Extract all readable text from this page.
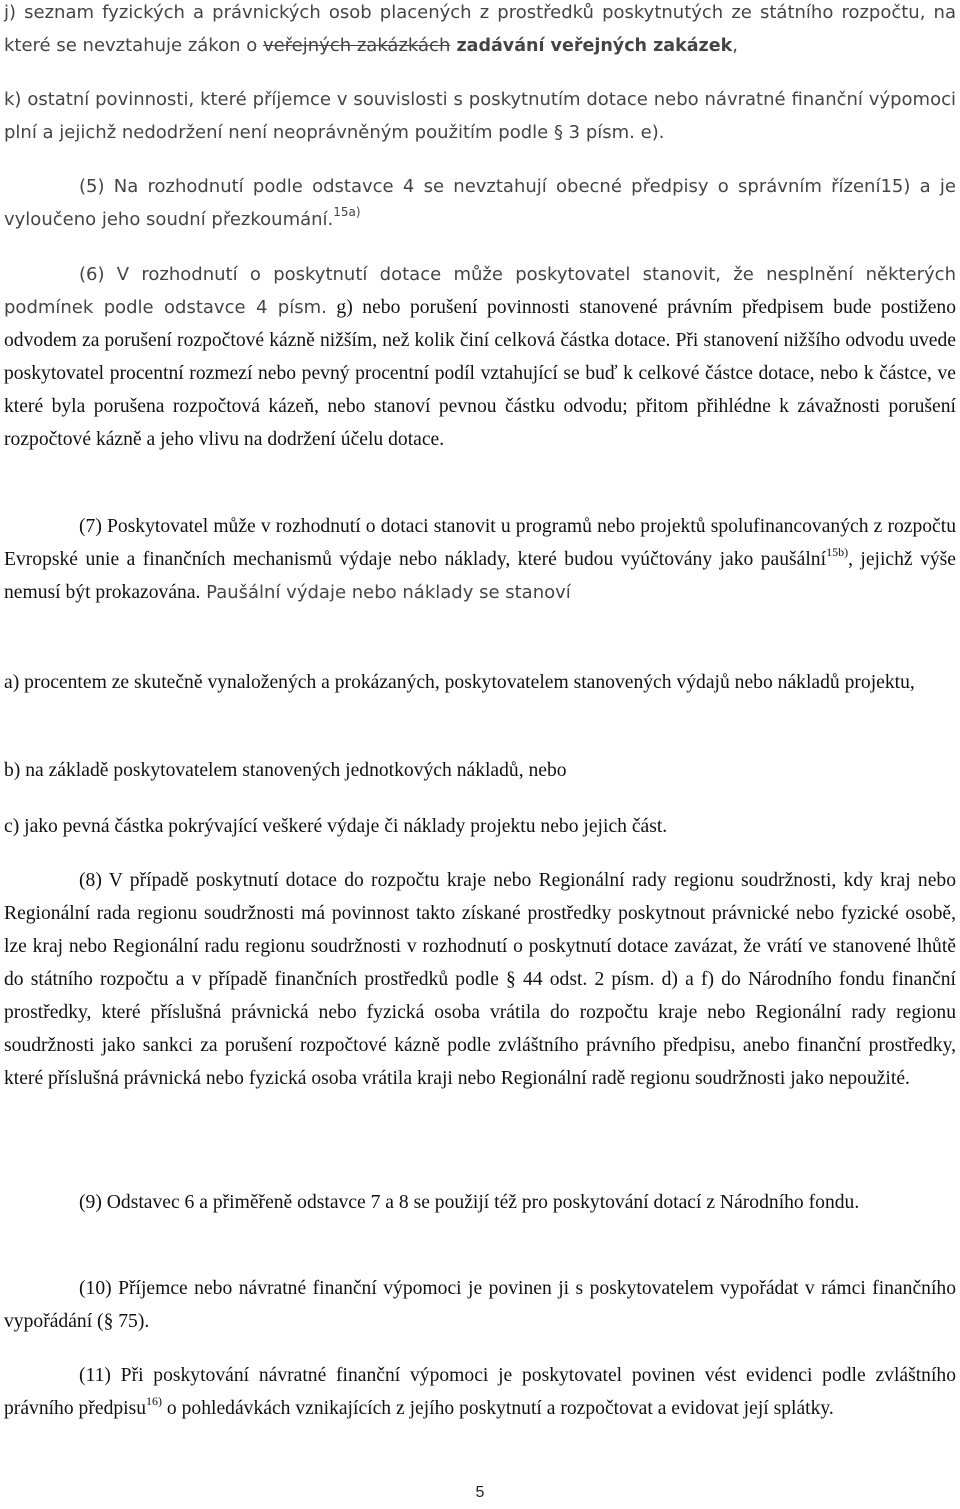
j) seznam fyzických a právnických osob placených z prostředků poskytnutých ze státního rozpočtu, na které se nevztahuje zákon o veřejných zakázkách zadávání veřejných zakázek,

k) ostatní povinnosti, které příjemce v souvislosti s poskytnutím dotace nebo návratné finanční výpomoci plní a jejichž nedodržení není neoprávněným použitím podle § 3 písm. e).

(5) Na rozhodnutí podle odstavce 4 se nevztahují obecné předpisy o správním řízení15) a je vyloučeno jeho soudní přezkoumání.$^{15a)}$

(6) V rozhodnutí o poskytnutí dotace může poskytovatel stanovit, že nesplnění některých podmínek podle odstavce 4 písm. g) nebo porušení povinnosti stanovené právním předpisem bude postiženo odvodem za porušení rozpočtové kázně nižším, než kolik činí celková částka dotace. Při stanovení nižšího odvodu uvede poskytovatel procentní rozmezí nebo pevný procentní podíl vztahující se buď k celkové částce dotace, nebo k částce, ve které byla porušena rozpočtová kázeň, nebo stanoví pevnou částku odvodu; přitom přihlédne k závažnosti porušení rozpočtové kázně a jeho vlivu na dodržení účelu dotace.

(7) Poskytovatel může v rozhodnutí o dotaci stanovit u programů nebo projektů spolufinancovaných z rozpočtu Evropské unie a finančních mechanismů výdaje nebo náklady, které budou vyúčtovány jako paušální$^{15b)}$, jejichž výše nemusí být prokazována. Paušální výdaje nebo náklady se stanoví

a) procentem ze skutečně vynaložených a prokázaných, poskytovatelem stanovených výdajů nebo nákladů projektu,

b) na základě poskytovatelem stanovených jednotkových nákladů, nebo

c) jako pevná částka pokrývající veškeré výdaje či náklady projektu nebo jejich část.

(8) V případě poskytnutí dotace do rozpočtu kraje nebo Regionální rady regionu soudržnosti, kdy kraj nebo Regionální rada regionu soudržnosti má povinnost takto získané prostředky poskytnout právnické nebo fyzické osobě, lze kraj nebo Regionální radu regionu soudržnosti v rozhodnutí o poskytnutí dotace zavázat, že vrátí ve stanovené lhůtě do státního rozpočtu a v případě finančních prostředků podle § 44 odst. 2 písm. d) a f) do Národního fondu finanční prostředky, které příslušná právnická nebo fyzická osoba vrátila do rozpočtu kraje nebo Regionální rady regionu soudržnosti jako sankci za porušení rozpočtové kázně podle zvláštního právního předpisu, anebo finanční prostředky, které příslušná právnická nebo fyzická osoba vrátila kraji nebo Regionální radě regionu soudržnosti jako nepoužité.

(9) Odstavec 6 a přiměřeně odstavce 7 a 8 se použijí též pro poskytování dotací z Národního fondu.

(10) Příjemce nebo návratné finanční výpomoci je povinen ji s poskytovatelem vypořádat v rámci finančního vypořádání (§ 75).

(11) Při poskytování návratné finanční výpomoci je poskytovatel povinen vést evidenci podle zvláštního právního předpisu$^{16)}$ o pohledávkách vznikajících z jejího poskytnutí a rozpočtovat a evidovat její splátky.

5
